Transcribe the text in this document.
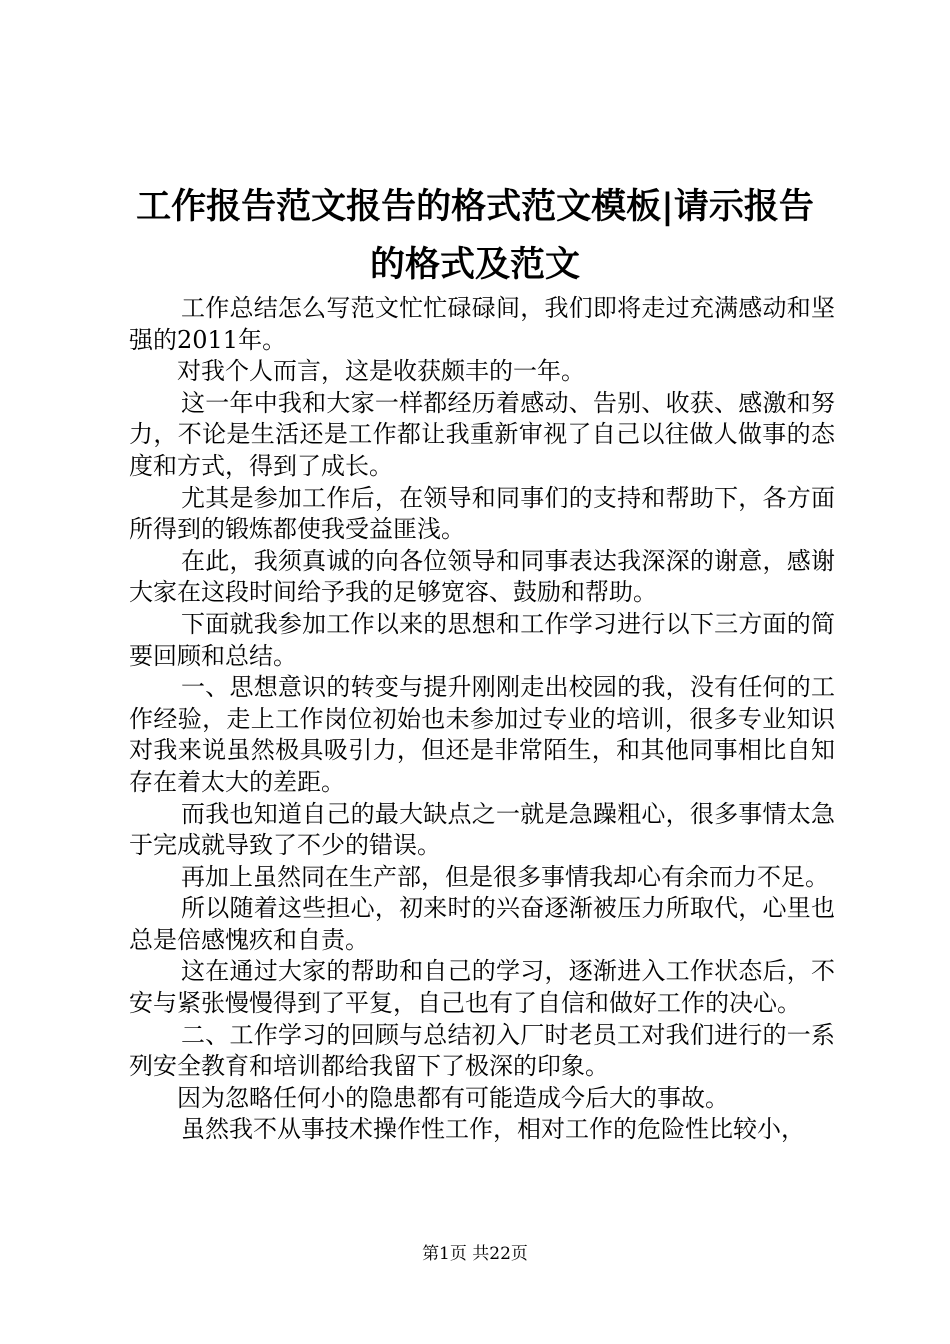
工作报告范文报告的格式范文模板|请示报告
的格式及范文

工作总结怎么写范文忙忙碌碌间，我们即将走过充满感动和坚强的2011年。

对我个人而言，这是收获颇丰的一年。

这一年中我和大家一样都经历着感动、告别、收获、感激和努力，不论是生活还是工作都让我重新审视了自己以往做人做事的态度和方式，得到了成长。

尤其是参加工作后，在领导和同事们的支持和帮助下，各方面所得到的锻炼都使我受益匪浅。

在此，我须真诚的向各位领导和同事表达我深深的谢意，感谢大家在这段时间给予我的足够宽容、鼓励和帮助。

下面就我参加工作以来的思想和工作学习进行以下三方面的简要回顾和总结。

一、思想意识的转变与提升刚刚走出校园的我，没有任何的工作经验，走上工作岗位初始也未参加过专业的培训，很多专业知识对我来说虽然极具吸引力，但还是非常陌生，和其他同事相比自知存在着太大的差距。

而我也知道自己的最大缺点之一就是急躁粗心，很多事情太急于完成就导致了不少的错误。

再加上虽然同在生产部，但是很多事情我却心有余而力不足。

所以随着这些担心，初来时的兴奋逐渐被压力所取代，心里也总是倍感愧疚和自责。

这在通过大家的帮助和自己的学习，逐渐进入工作状态后，不安与紧张慢慢得到了平复，自己也有了自信和做好工作的决心。

二、工作学习的回顾与总结初入厂时老员工对我们进行的一系列安全教育和培训都给我留下了极深的印象。

因为忽略任何小的隐患都有可能造成今后大的事故。

虽然我不从事技术操作性工作，相对工作的危险性比较小，

第1页 共22页
